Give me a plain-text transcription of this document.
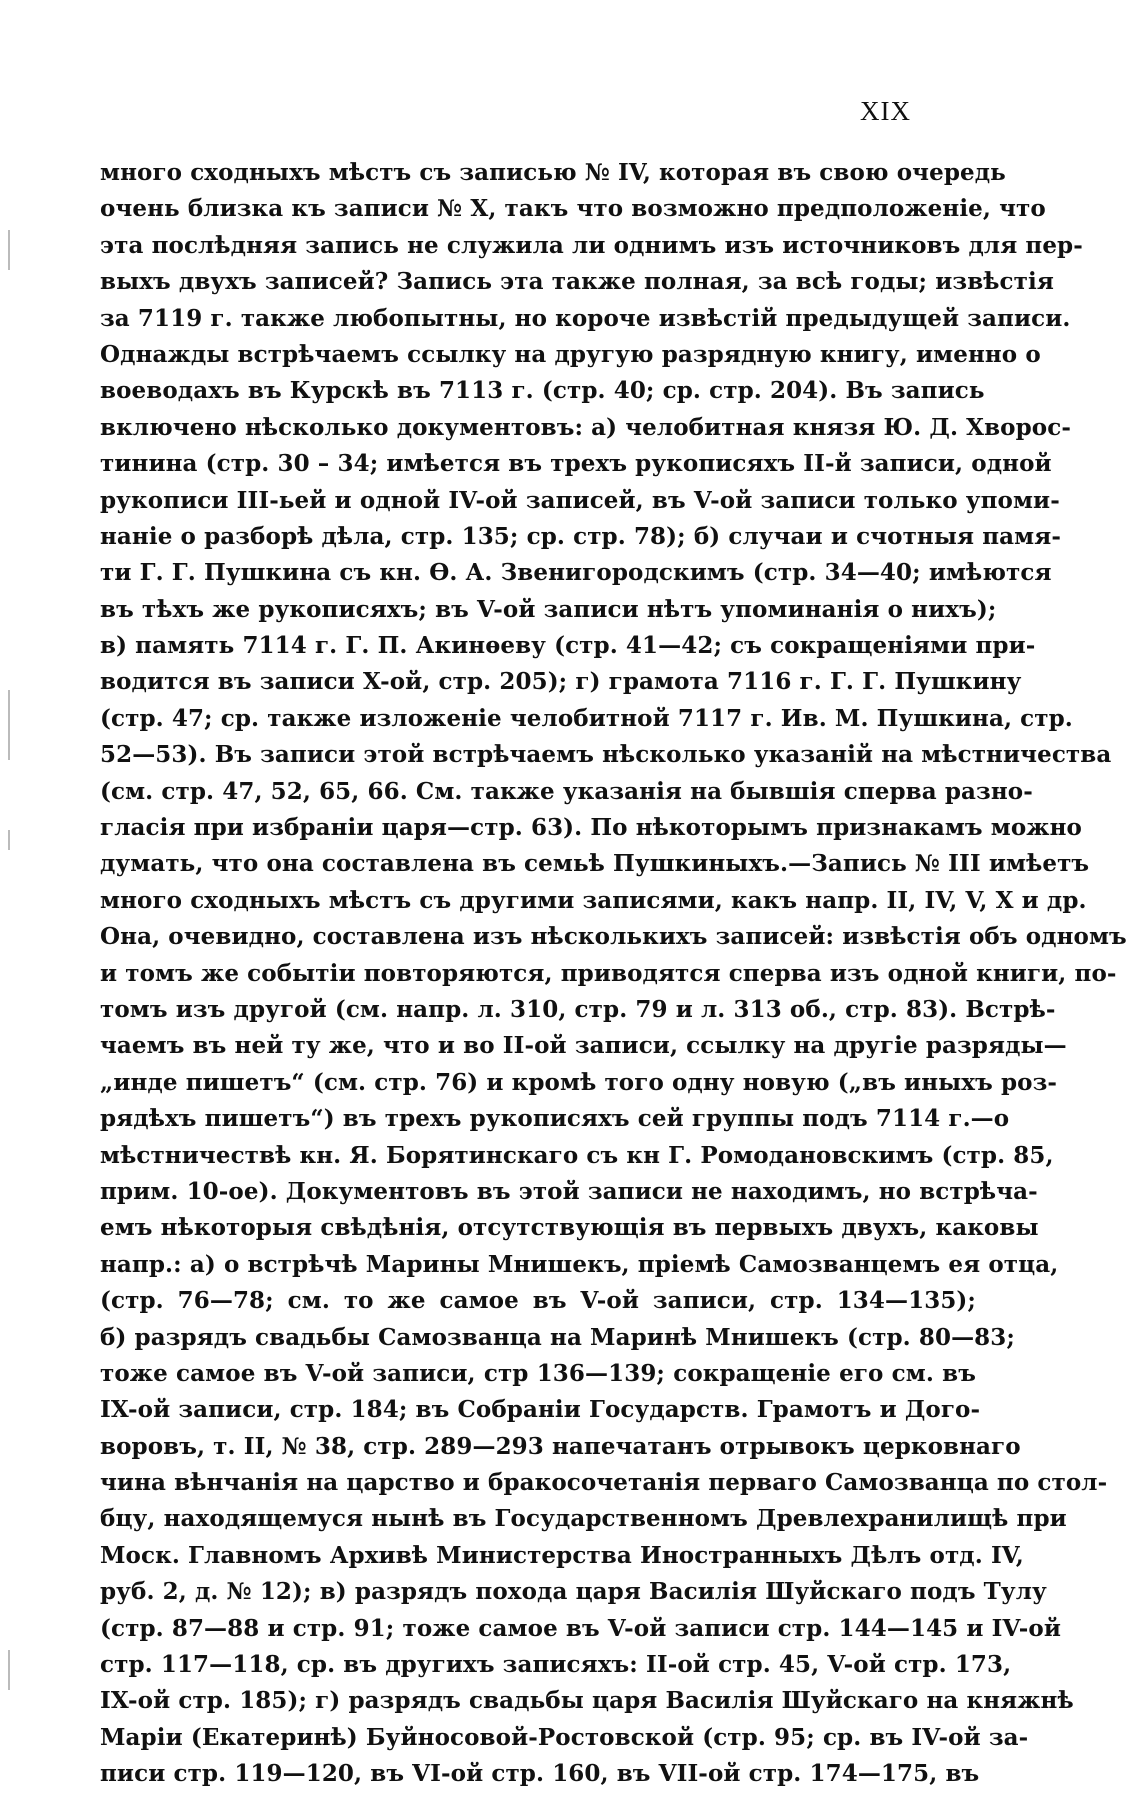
XIX
много сходныхъ мѣстъ съ записью № IV, которая въ свою очередь
очень близка къ записи № X, такъ что возможно предположеніе, что
эта послѣдняя запись не служила ли однимъ изъ источниковъ для пер-
выхъ двухъ записей? Запись эта также полная, за всѣ годы; извѣстія
за 7119 г. также любопытны, но короче извѣстій предыдущей записи.
Однажды встрѣчаемъ ссылку на другую разрядную книгу, именно о
воеводахъ въ Курскѣ въ 7113 г. (стр. 40; ср. стр. 204). Въ запись
включено нѣсколько документовъ: а) челобитная князя Ю. Д. Хворос-
тинина (стр. 30 – 34; имѣется въ трехъ рукописяхъ II-й записи, одной
рукописи III-ьей и одной IV-ой записей, въ V-ой записи только упоми-
наніе о разборѣ дѣла, стр. 135; ср. стр. 78); б) случаи и счотныя памя-
ти Г. Г. Пушкина съ кн. Ѳ. А. Звенигородскимъ (стр. 34—40; имѣются
въ тѣхъ же рукописяхъ; въ V-ой записи нѣтъ упоминанія о нихъ);
в) память 7114 г. Г. П. Акинѳеву (стр. 41—42; съ сокращеніями при-
водится въ записи X-ой, стр. 205); г) грамота 7116 г. Г. Г. Пушкину
(стр. 47; ср. также изложеніе челобитной 7117 г. Ив. М. Пушкина, стр.
52—53). Въ записи этой встрѣчаемъ нѣсколько указаній на мѣстничества
(см. стр. 47, 52, 65, 66. См. также указанія на бывшія сперва разно-
гласія при избраніи царя—стр. 63). По нѣкоторымъ признакамъ можно
думать, что она составлена въ семьѣ Пушкиныхъ.—Запись № III имѣетъ
много сходныхъ мѣстъ съ другими записями, какъ напр. II, IV, V, X и др.
Она, очевидно, составлена изъ нѣсколькихъ записей: извѣстія объ одномъ
и томъ же событіи повторяются, приводятся сперва изъ одной книги, по-
томъ изъ другой (см. напр. л. 310, стр. 79 и л. 313 об., стр. 83). Встрѣ-
чаемъ въ ней ту же, что и во II-ой записи, ссылку на другіе разряды—
„инде пишетъ“ (см. стр. 76) и кромѣ того одну новую („въ иныхъ роз-
рядѣхъ пишетъ“) въ трехъ рукописяхъ сей группы подъ 7114 г.—о
мѣстничествѣ кн. Я. Борятинскаго съ кн Г. Ромодановскимъ (стр. 85,
прим. 10-ое). Документовъ въ этой записи не находимъ, но встрѣча-
емъ нѣкоторыя свѣдѣнія, отсутствующія въ первыхъ двухъ, каковы
напр.: а) о встрѣчѣ Марины Мнишекъ, пріемѣ Самозванцемъ ея отца,
(стр. 76—78; см. то же самое въ V-ой записи, стр. 134—135);
б) разрядъ свадьбы Самозванца на Маринѣ Мнишекъ (стр. 80—83;
тоже самое въ V-ой записи, стр 136—139; сокращеніе его см. въ
IX-ой записи, стр. 184; въ Собраніи Государств. Грамотъ и Дого-
воровъ, т. II, № 38, стр. 289—293 напечатанъ отрывокъ церковнаго
чина вѣнчанія на царство и бракосочетанія перваго Самозванца по стол-
бцу, находящемуся нынѣ въ Государственномъ Древлехранилищѣ при
Моск. Главномъ Архивѣ Министерства Иностранныхъ Дѣлъ отд. IV,
руб. 2, д. № 12); в) разрядъ похода царя Василія Шуйскаго подъ Тулу
(стр. 87—88 и стр. 91; тоже самое въ V-ой записи стр. 144—145 и IV-ой
стр. 117—118, ср. въ другихъ записяхъ: II-ой стр. 45, V-ой стр. 173,
IX-ой стр. 185); г) разрядъ свадьбы царя Василія Шуйскаго на княжнѣ
Маріи (Екатеринѣ) Буйносовой-Ростовской (стр. 95; ср. въ IV-ой за-
писи стр. 119—120, въ VI-ой стр. 160, въ VII-ой стр. 174—175, въ
